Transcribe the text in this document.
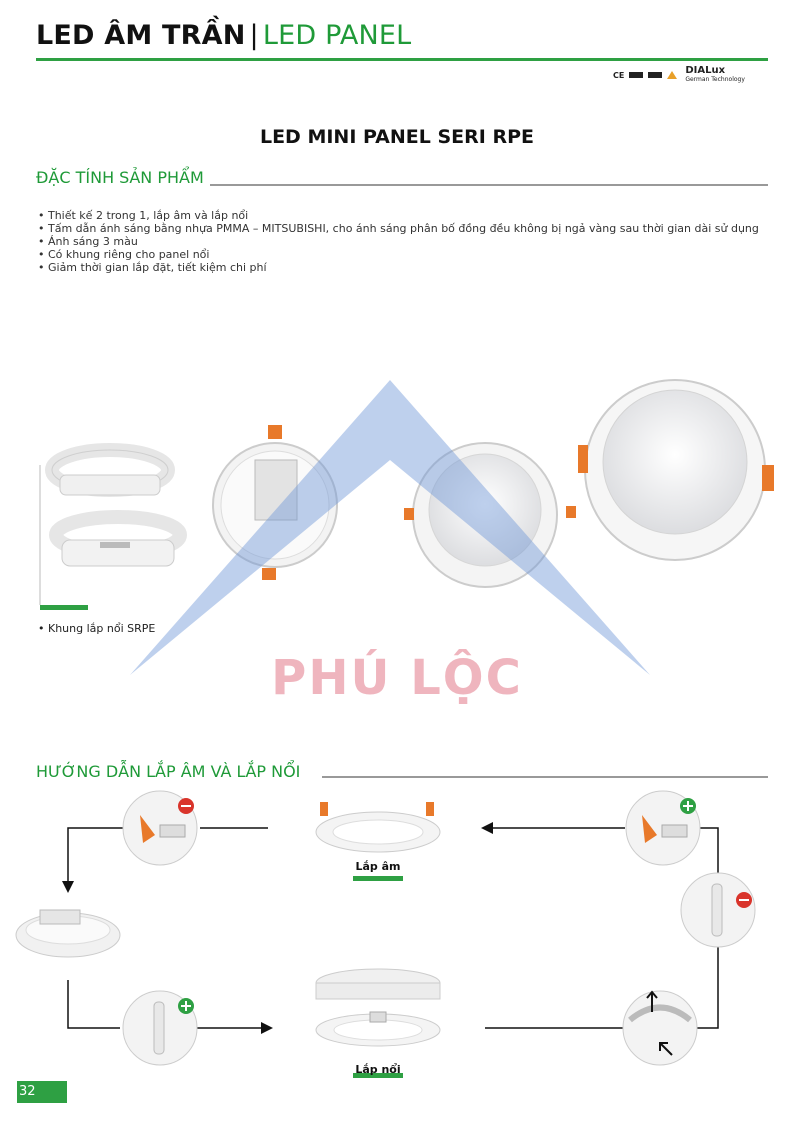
LED ÂM TRẦN | LED PANEL
CE	DIALux
German Technology
LED MINI PANEL SERI RPE
ĐẶC TÍNH SẢN PHẨM
• Thiết kế 2 trong 1, lắp âm và lắp nổi
• Tấm dẫn ánh sáng bằng nhựa PMMA – MITSUBISHI, cho ánh sáng phân bố đồng đều không bị ngả vàng sau thời gian dài sử dụng
• Ánh sáng 3 màu
• Có khung riêng cho panel nổi
• Giảm thời gian lắp đặt, tiết kiệm chi phí
• Khung lắp nổi SRPE
PHÚ LỘC
HƯỚNG DẪN LẮP ÂM VÀ LẮP NỔI
Lắp âm
Lắp nổi
32
